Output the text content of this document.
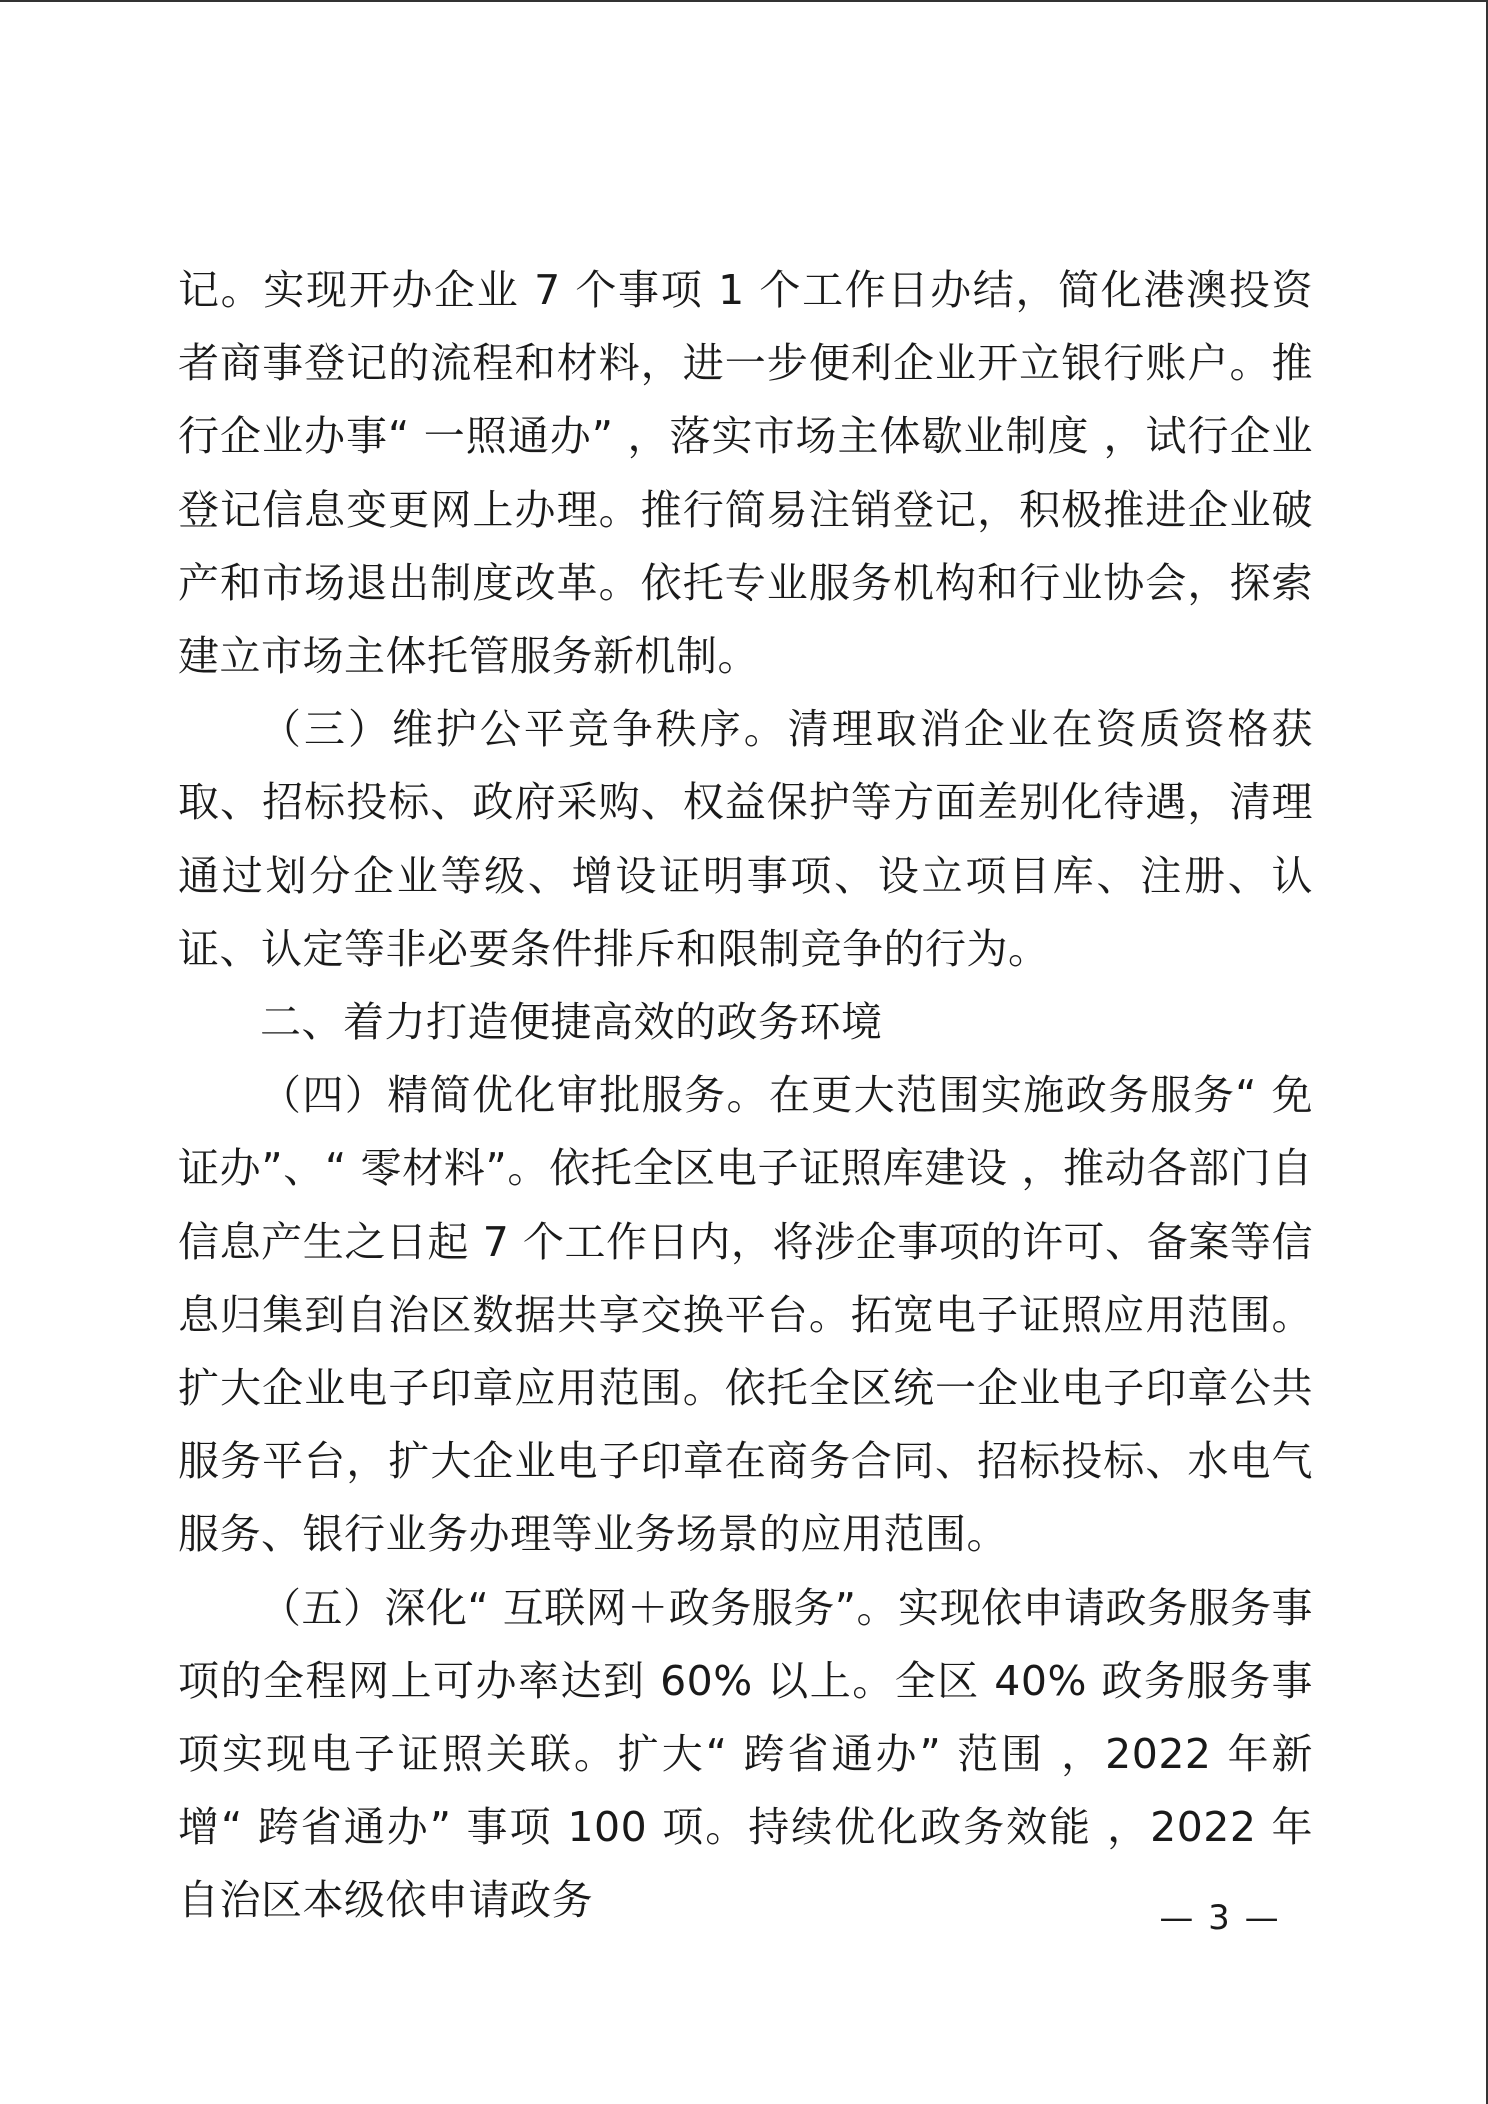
记。实现开办企业 7 个事项 1 个工作日办结，简化港澳投资者商事登记的流程和材料，进一步便利企业开立银行账户。推行企业办事“ 一照通办” ，落实市场主体歇业制度 ，试行企业登记信息变更网上办理。推行简易注销登记，积极推进企业破产和市场退出制度改革。依托专业服务机构和行业协会，探索建立市场主体托管服务新机制。

（三）维护公平竞争秩序。清理取消企业在资质资格获取、招标投标、政府采购、权益保护等方面差别化待遇，清理通过划分企业等级、增设证明事项、设立项目库、注册、认证、认定等非必要条件排斥和限制竞争的行为。

二、着力打造便捷高效的政务环境

（四）精简优化审批服务。在更大范围实施政务服务“ 免证办”、“ 零材料”。依托全区电子证照库建设 ，推动各部门自信息产生之日起 7 个工作日内，将涉企事项的许可、备案等信息归集到自治区数据共享交换平台。拓宽电子证照应用范围。扩大企业电子印章应用范围。依托全区统一企业电子印章公共服务平台，扩大企业电子印章在商务合同、招标投标、水电气服务、银行业务办理等业务场景的应用范围。

（五）深化“ 互联网＋政务服务”。实现依申请政务服务事项的全程网上可办率达到 60% 以上。全区 40% 政务服务事项实现电子证照关联。扩大“ 跨省通办” 范围 ，2022 年新增“ 跨省通办” 事项 100 项。持续优化政务效能 ，2022 年自治区本级依申请政务	— 3 —
